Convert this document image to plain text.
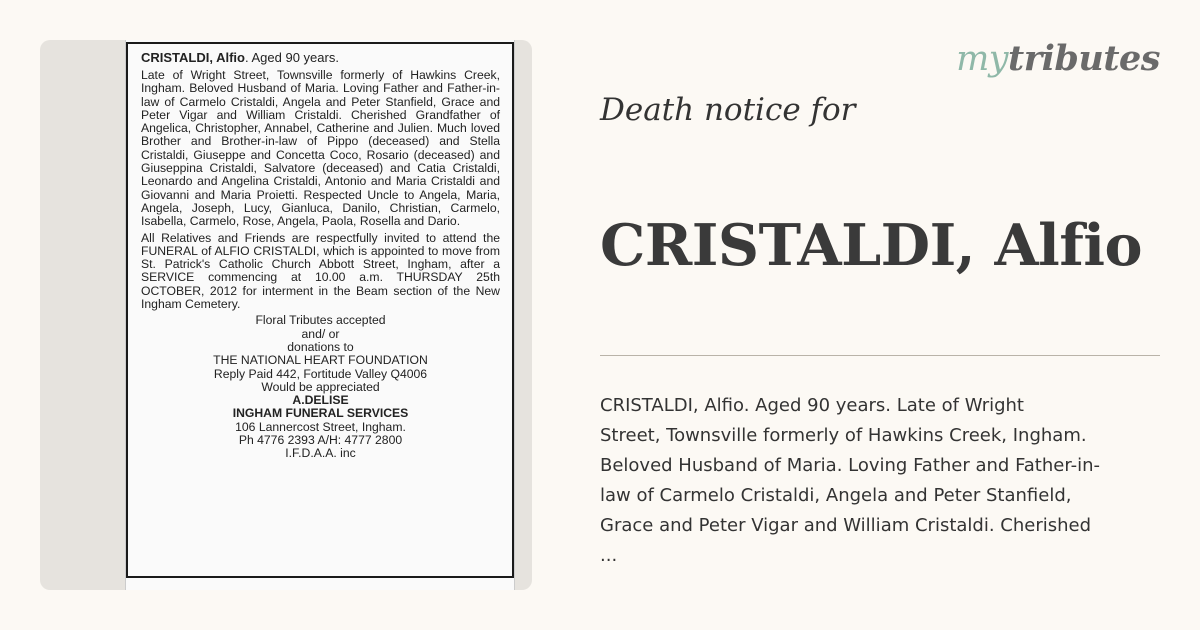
CRISTALDI, Alfio. Aged 90 years.
Late of Wright Street, Townsville formerly of Hawkins Creek, Ingham. Beloved Husband of Maria. Loving Father and Father-in-law of Carmelo Cristaldi, Angela and Peter Stanfield, Grace and Peter Vigar and William Cristaldi. Cherished Grandfather of Angelica, Christopher, Annabel, Catherine and Julien. Much loved Brother and Brother-in-law of Pippo (deceased) and Stella Cristaldi, Giuseppe and Concetta Coco, Rosario (deceased) and Giuseppina Cristaldi, Salvatore (deceased) and Catia Cristaldi, Leonardo and Angelina Cristaldi, Antonio and Maria Cristaldi and Giovanni and Maria Proietti. Respected Uncle to Angela, Maria, Angela, Joseph, Lucy, Gianluca, Danilo, Christian, Carmelo, Isabella, Carmelo, Rose, Angela, Paola, Rosella and Dario.
All Relatives and Friends are respectfully invited to attend the FUNERAL of ALFIO CRISTALDI, which is appointed to move from St. Patrick's Catholic Church Abbott Street, Ingham, after a SERVICE commencing at 10.00 a.m. THURSDAY 25th OCTOBER, 2012 for interment in the Beam section of the New Ingham Cemetery.
Floral Tributes accepted
and/ or
donations to
THE NATIONAL HEART FOUNDATION
Reply Paid 442, Fortitude Valley Q4006
Would be appreciated
A.DELISE
INGHAM FUNERAL SERVICES
106 Lannercost Street, Ingham.
Ph 4776 2393 A/H: 4777 2800
I.F.D.A.A. inc
mytributes
Death notice for
CRISTALDI, Alfio

CRISTALDI, Alfio. Aged 90 years. Late of Wright

Street, Townsville formerly of Hawkins Creek, Ingham.

Beloved Husband of Maria. Loving Father and Father-in-

law of Carmelo Cristaldi, Angela and Peter Stanfield,

Grace and Peter Vigar and William Cristaldi. Cherished

...
